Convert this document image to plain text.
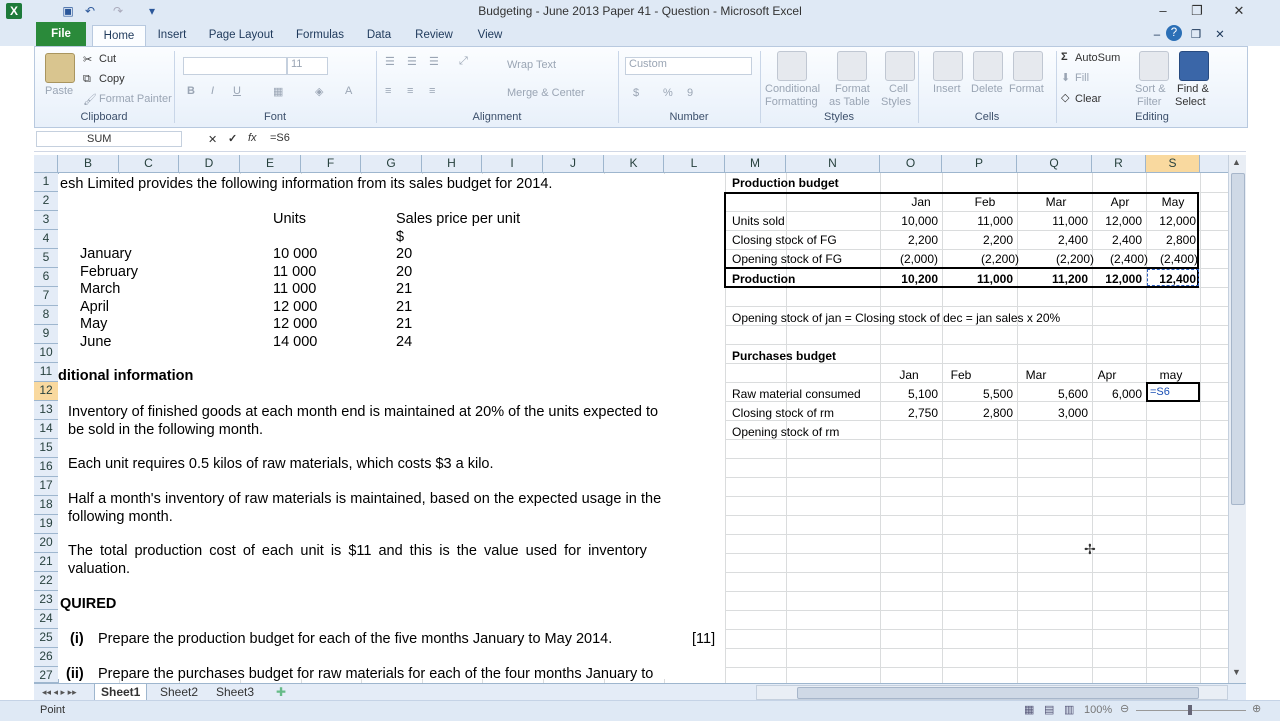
X	▣ ↶ ↷	▾	Budgeting - June 2013 Paper 41 - Question - Microsoft Excel	–	❐	✕
File	Home	Insert	Page Layout	Formulas	Data	Review	View	– ?	❐ ✕
Paste
✂ Cut
⧉ Copy
🖌 Format Painter
Clipboard
11
B I U	▦	◈ A
Font
☰ ☰ ☰ ⤢
≡ ≡ ≡
Wrap Text
Merge & Center
Alignment
Custom
$ % 9
Number
Conditional
Formatting
Format
as Table
Cell
Styles
Styles
Insert Delete Format
Cells
Σ AutoSum
⬇ Fill
◇ Clear
Sort &
Filter
Find &
Select
Editing
SUM	✕ ✓ fx =S6
B	C	D	E	F	G	H	I	J	K	L	M	N	O	P	Q	R	S
1
2
3
4
5
6
7
8
9
10
11
12
13
14
15
16
17
18
19
20
21
22
23
24
25
26
27
esh Limited provides the following information from its sales budget for 2014.
Units	Sales price per unit
$
January	10 000	20
February	11 000	20
March	11 000	21
April	12 000	21
May	12 000	21
June	14 000	24
ditional information
Inventory of finished goods at each month end is maintained at 20% of the units expected to
be sold in the following month.
Each unit requires 0.5 kilos of raw materials, which costs $3 a kilo.
Half a month's inventory of raw materials is maintained, based on the expected usage in the
following month.
The total production cost of each unit is $11 and this is the value used for inventory
valuation.
QUIRED
(i) Prepare the production budget for each of the five months January to May 2014.	[11]
(ii) Prepare the purchases budget for raw materials for each of the four months January to
Production budget
Jan	Feb	Mar	Apr	May
Units sold	10,000	11,000	11,000	12,000	12,000
Closing stock of FG	2,200	2,200	2,400	2,400	2,800
Opening stock of FG	(2,000)	(2,200)	(2,200)	(2,400) (2,400)
Production	10,200	11,000	11,200	12,000	12,400
Opening stock of jan = Closing stock of dec = jan sales x 20%
Purchases budget
Jan	Feb	Mar	Apr	may
Raw material consumed	5,100	5,500	5,600	6,000 =S6
Closing stock of rm	2,750	2,800	3,000
Opening stock of rm
✢
▲
▼
◂◂ ◂ ▸ ▸▸	Sheet1	Sheet2	Sheet3	✚
Point	▦ ▤ ▥ 100% ⊖	⊕
